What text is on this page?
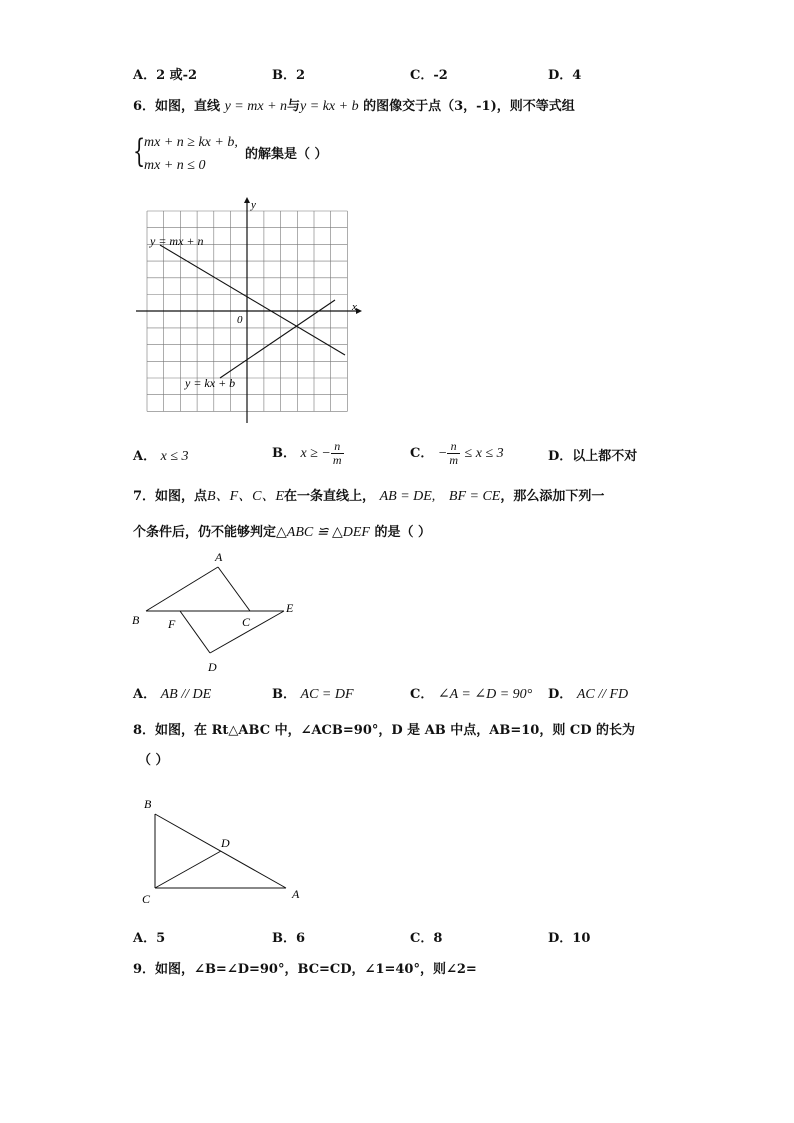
A．2 或-2	B．2	C．-2	D．4
6．如图，直线 y = mx + n与y = kx + b 的图像交于点（3，-1)，则不等式组
{
mx + n ≥ kx + b,
mx + n ≤ 0
的解集是（ ）
y = mx + n
y = kx + b
x
y
0
A． x ≤ 3	B． x ≥ − $\frac{n}{m}$	C． − $\frac{n}{m} \le x \le 3$	D．以上都不对
7．如图，点B、F、C、E在一条直线上， AB = DE, BF = CE，那么添加下列一
个条件后，仍不能够判定△ABC ≌ △DEF 的是（ ）
A
B	C
D
E
F
A． AB // DE	B． AC = DF	C． ∠A = ∠D = 90° D． AC // FD
8．如图，在 Rt△ABC 中，∠ACB=90°，D 是 AB 中点，AB=10，则 CD 的长为
（ ）
B
C	A
D
A．5	B．6	C．8	D．10
9．如图，∠B=∠D=90°，BC=CD，∠1=40°，则∠2=
